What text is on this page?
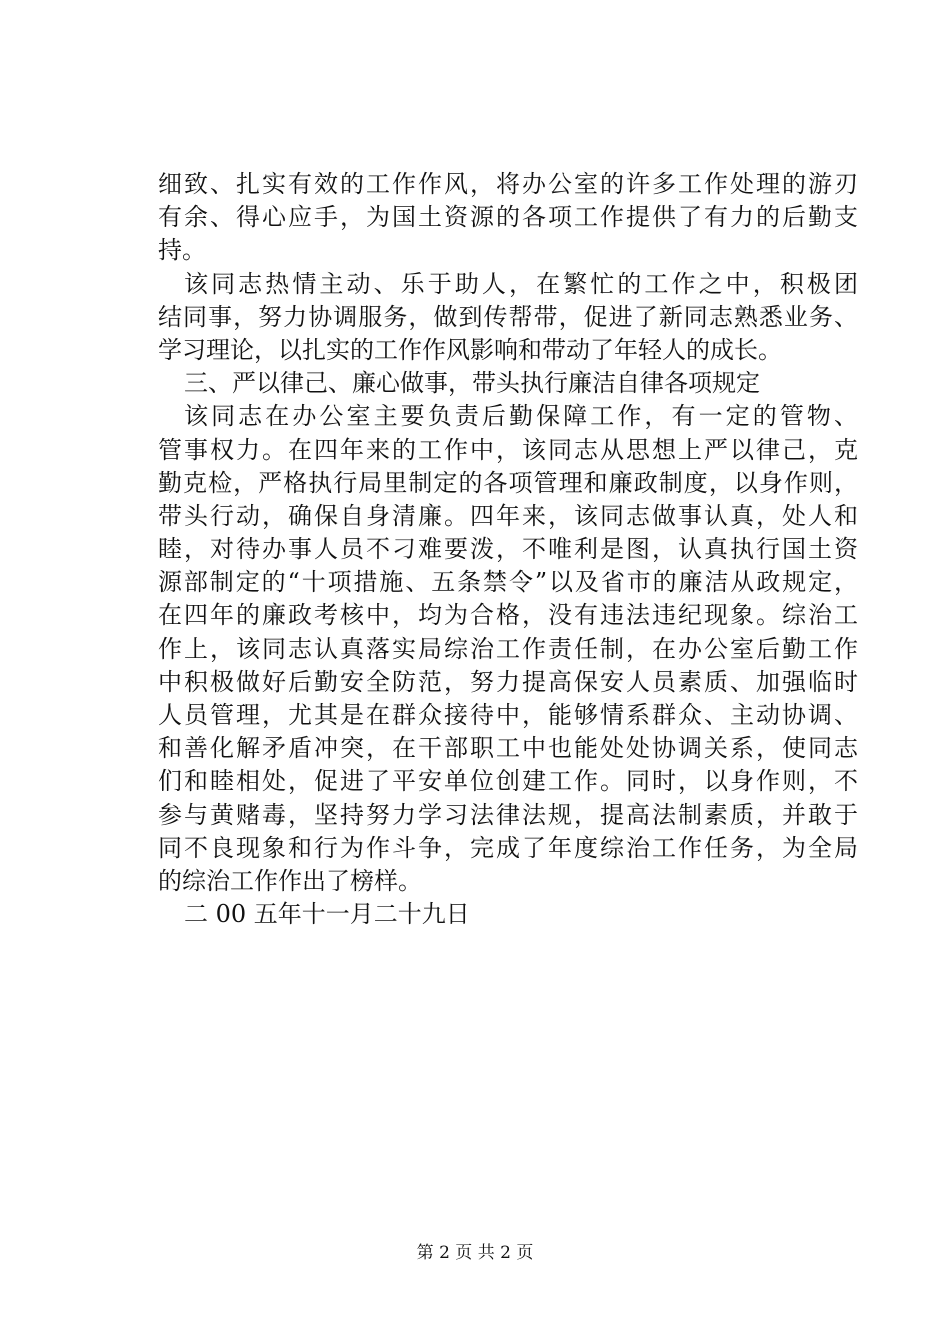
细致、扎实有效的工作作风，将办公室的许多工作处理的游刃
有余、得心应手，为国土资源的各项工作提供了有力的后勤支
持。
该同志热情主动、乐于助人，在繁忙的工作之中，积极团
结同事，努力协调服务，做到传帮带，促进了新同志熟悉业务、
学习理论，以扎实的工作作风影响和带动了年轻人的成长。
三、严以律己、廉心做事，带头执行廉洁自律各项规定
该同志在办公室主要负责后勤保障工作，有一定的管物、
管事权力。在四年来的工作中，该同志从思想上严以律己，克
勤克检，严格执行局里制定的各项管理和廉政制度，以身作则，
带头行动，确保自身清廉。四年来，该同志做事认真，处人和
睦，对待办事人员不刁难要泼，不唯利是图，认真执行国土资
源部制定的“十项措施、五条禁令”以及省市的廉洁从政规定，
在四年的廉政考核中，均为合格，没有违法违纪现象。综治工
作上，该同志认真落实局综治工作责任制，在办公室后勤工作
中积极做好后勤安全防范，努力提高保安人员素质、加强临时
人员管理，尤其是在群众接待中，能够情系群众、主动协调、
和善化解矛盾冲突，在干部职工中也能处处协调关系，使同志
们和睦相处，促进了平安单位创建工作。同时，以身作则，不
参与黄赌毒，坚持努力学习法律法规，提高法制素质，并敢于
同不良现象和行为作斗争，完成了年度综治工作任务，为全局
的综治工作作出了榜样。
二 00 五年十一月二十九日
第 2 页 共 2 页
